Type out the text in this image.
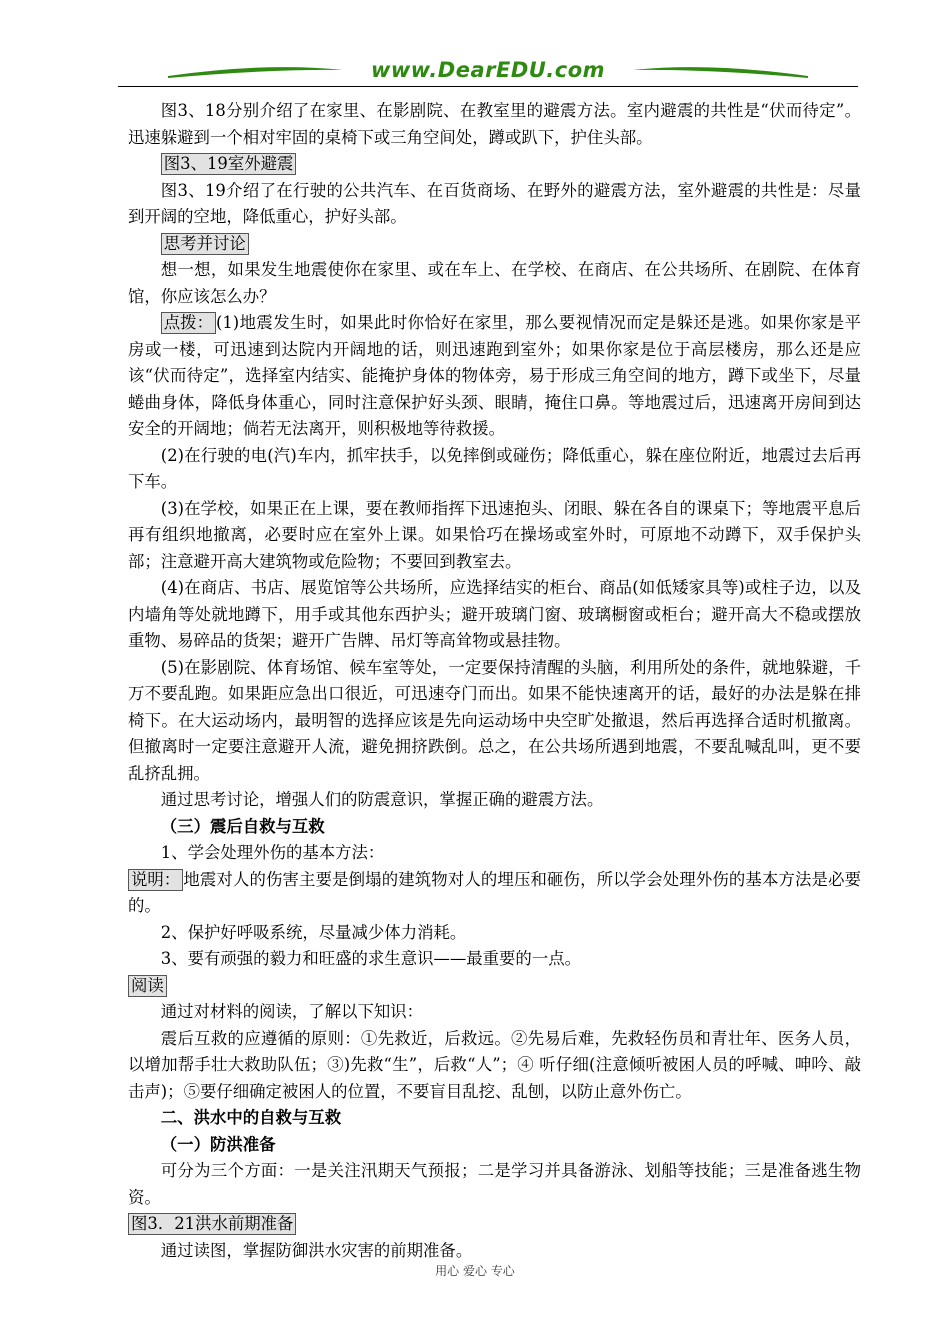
www.DearEDU.com

图3、18分别介绍了在家里、在影剧院、在教室里的避震方法。室内避震的共性是“伏而待定”。迅速躲避到一个相对牢固的桌椅下或三角空间处，蹲或趴下，护住头部。

图3、19室外避震

图3、19介绍了在行驶的公共汽车、在百货商场、在野外的避震方法，室外避震的共性是：尽量到开阔的空地，降低重心，护好头部。

思考并讨论

想一想，如果发生地震使你在家里、或在车上、在学校、在商店、在公共场所、在剧院、在体育馆，你应该怎么办？

点拨： (1)地震发生时，如果此时你恰好在家里，那么要视情况而定是躲还是逃。如果你家是平房或一楼，可迅速到达院内开阔地的话，则迅速跑到室外；如果你家是位于高层楼房，那么还是应该“伏而待定”，选择室内结实、能掩护身体的物体旁，易于形成三角空间的地方，蹲下或坐下，尽量蜷曲身体，降低身体重心，同时注意保护好头颈、眼睛，掩住口鼻。等地震过后，迅速离开房间到达安全的开阔地；倘若无法离开，则积极地等待救援。

(2)在行驶的电(汽)车内，抓牢扶手，以免摔倒或碰伤；降低重心，躲在座位附近，地震过去后再下车。

(3)在学校，如果正在上课，要在教师指挥下迅速抱头、闭眼、躲在各自的课桌下；等地震平息后再有组织地撤离，必要时应在室外上课。如果恰巧在操场或室外时，可原地不动蹲下，双手保护头部；注意避开高大建筑物或危险物；不要回到教室去。

(4)在商店、书店、展览馆等公共场所，应选择结实的柜台、商品(如低矮家具等)或柱子边，以及内墙角等处就地蹲下，用手或其他东西护头；避开玻璃门窗、玻璃橱窗或柜台；避开高大不稳或摆放重物、易碎品的货架；避开广告牌、吊灯等高耸物或悬挂物。

(5)在影剧院、体育场馆、候车室等处，一定要保持清醒的头脑，利用所处的条件，就地躲避，千万不要乱跑。如果距应急出口很近，可迅速夺门而出。如果不能快速离开的话，最好的办法是躲在排椅下。在大运动场内，最明智的选择应该是先向运动场中央空旷处撤退，然后再选择合适时机撤离。但撤离时一定要注意避开人流，避免拥挤跌倒。总之，在公共场所遇到地震，不要乱喊乱叫，更不要乱挤乱拥。

通过思考讨论，增强人们的防震意识，掌握正确的避震方法。

（三）震后自救与互救

1、学会处理外伤的基本方法：

说明： 地震对人的伤害主要是倒塌的建筑物对人的埋压和砸伤，所以学会处理外伤的基本方法是必要的。

2、保护好呼吸系统，尽量减少体力消耗。

3、要有顽强的毅力和旺盛的求生意识——最重要的一点。

阅读

通过对材料的阅读，了解以下知识：

震后互救的应遵循的原则：①先救近，后救远。②先易后难，先救轻伤员和青壮年、医务人员，以增加帮手壮大救助队伍；③)先救“生”，后救“人”；④ 听仔细(注意倾听被困人员的呼喊、呻吟、敲击声)；⑤要仔细确定被困人的位置，不要盲目乱挖、乱刨，以防止意外伤亡。

二、洪水中的自救与互救

（一）防洪准备

可分为三个方面：一是关注汛期天气预报；二是学习并具备游泳、划船等技能；三是准备逃生物资。

图3．21洪水前期准备

通过读图，掌握防御洪水灾害的前期准备。

用心 爱心 专心
